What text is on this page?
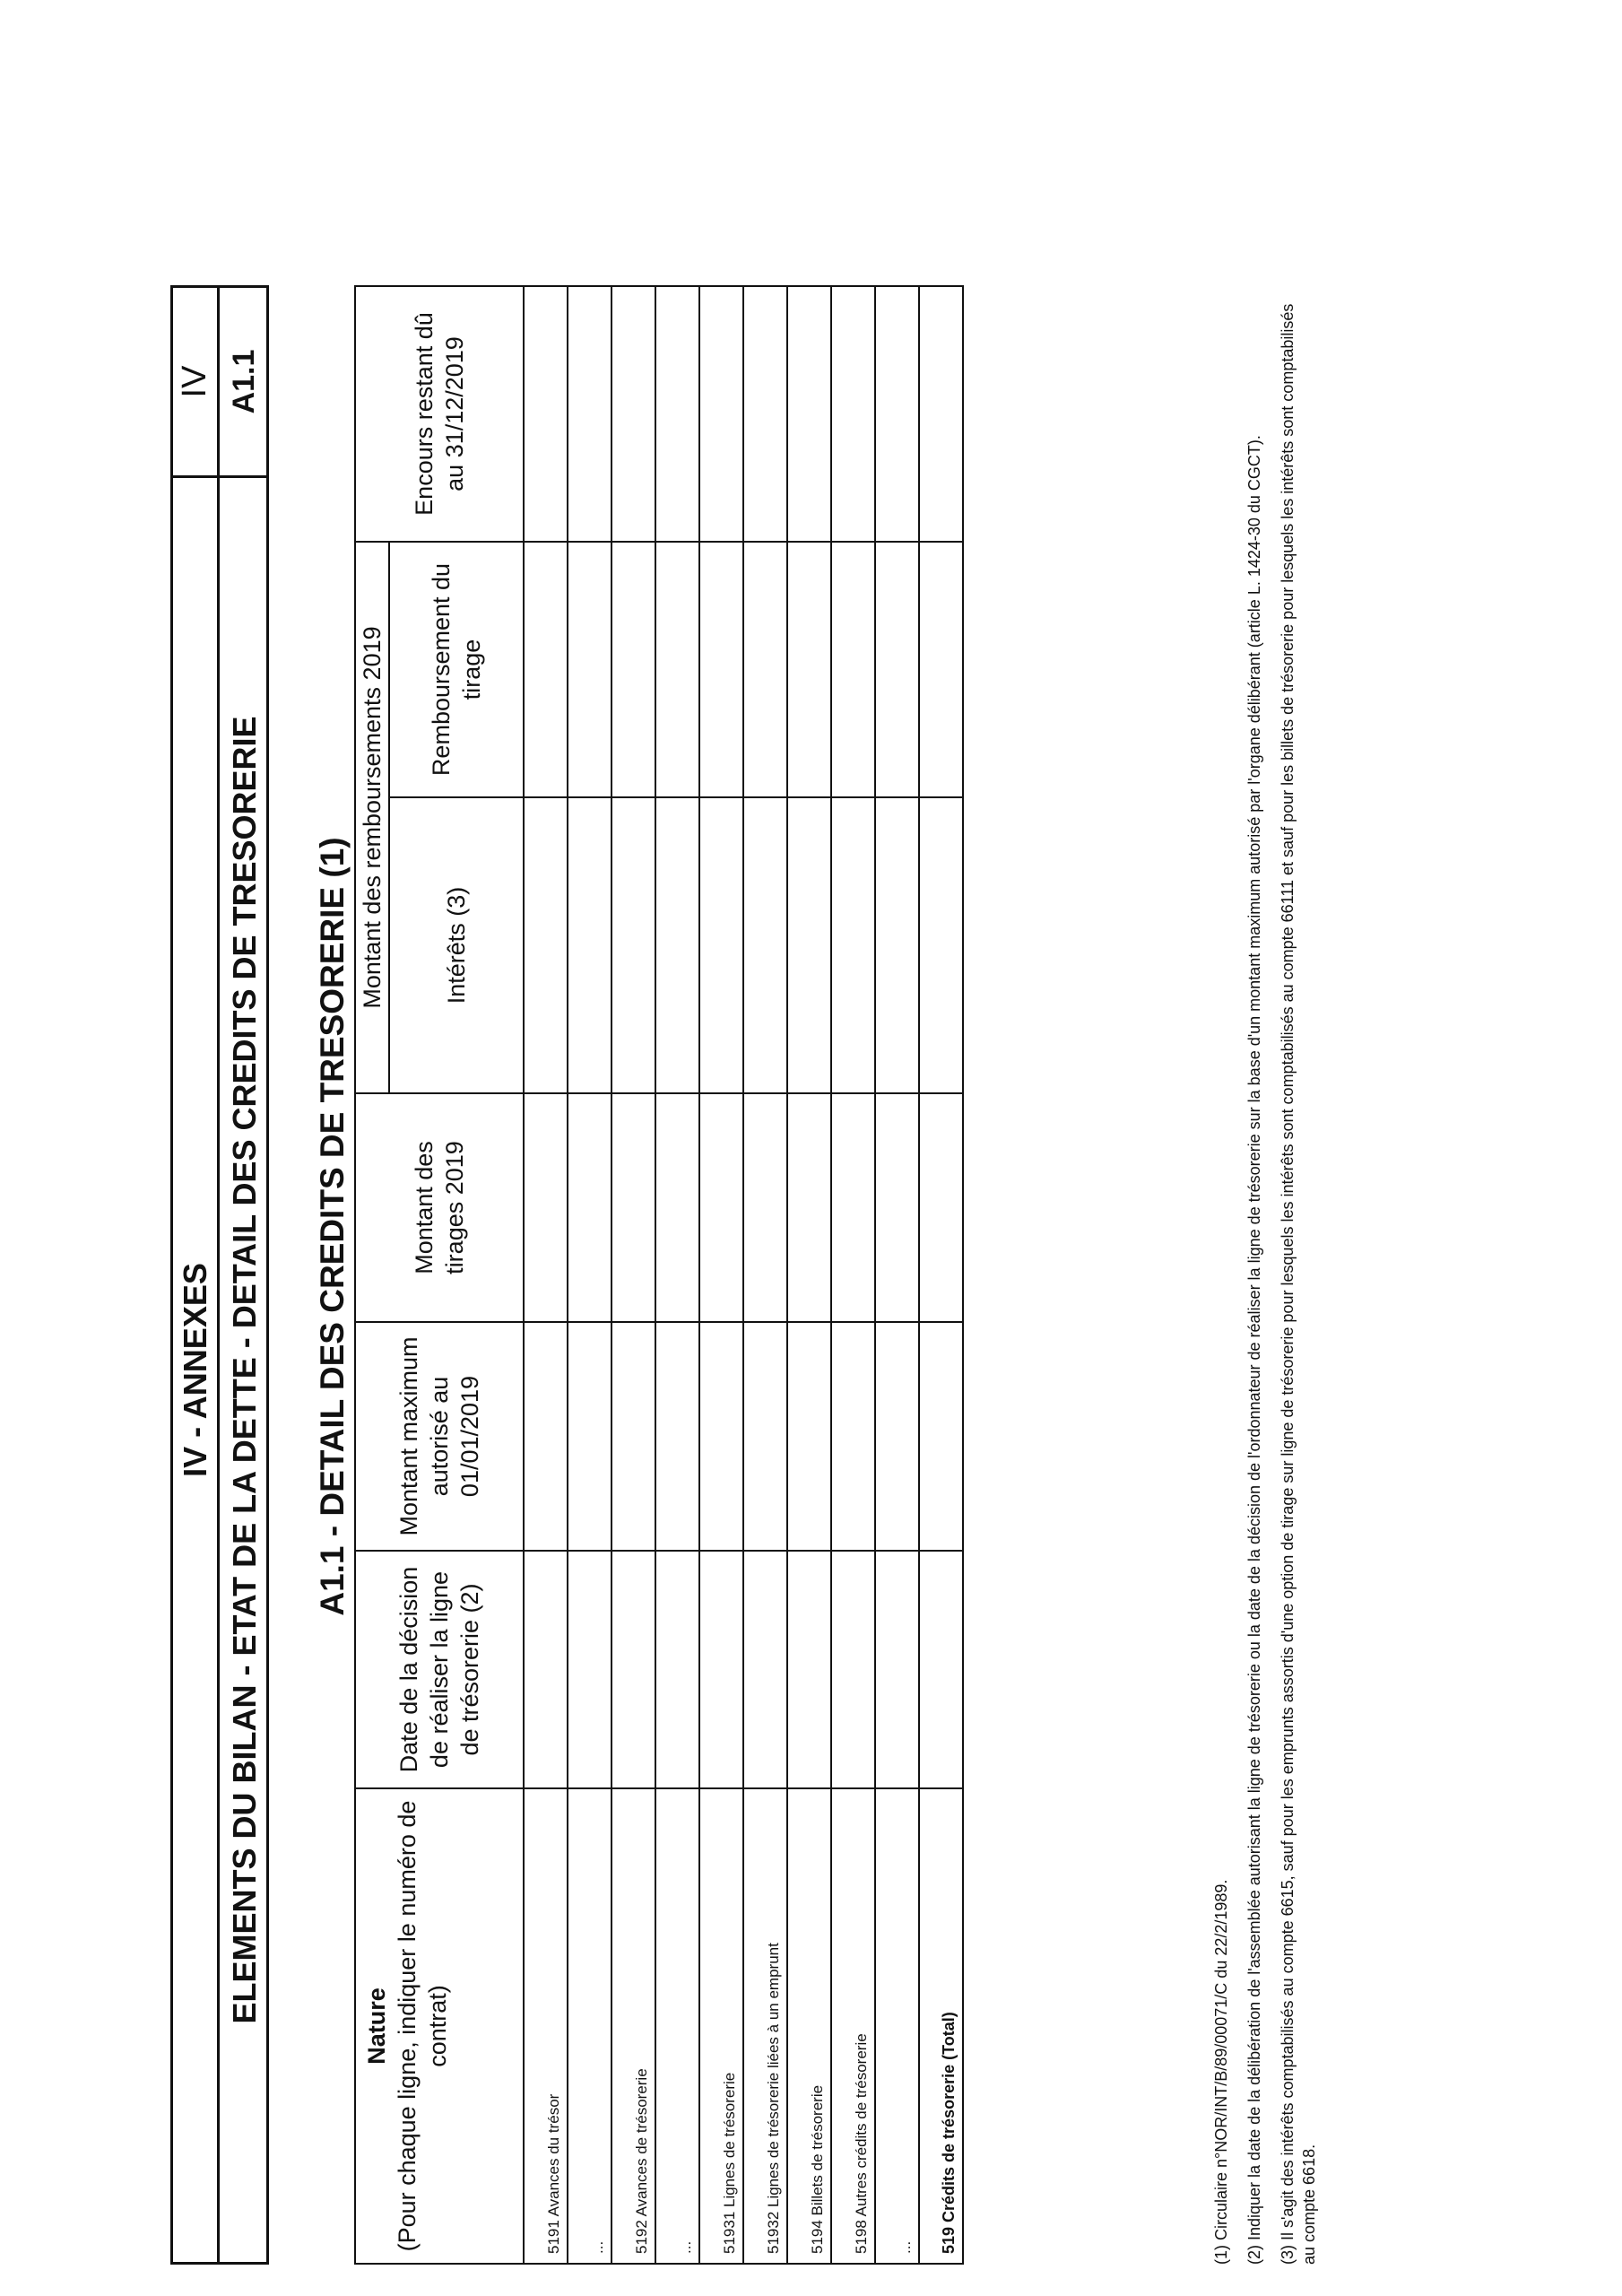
IV - ANNEXES ELEMENTS DU BILAN - ETAT DE LA DETTE - DETAIL DES CREDITS DE TRESORERIE
IV A1.1
A1.1 - DETAIL DES CREDITS DE TRESORERIE (1)
Nature (Pour chaque ligne, indiquer le numéro de contrat)	Date de la décision de réaliser la ligne de trésorerie (2)	Montant maximum autorisé au 01/01/2019	Montant des tirages 2019	Montant des remboursements 2019		Encours restant dû au 31/12/2019
				Intérêts (3)	Remboursement du tirage	
5191 Avances du trésor						
...						
5192 Avances de trésorerie						
...						
51931 Lignes de trésorerie						
51932 Lignes de trésorerie liées à un emprunt						
5194 Billets de trésorerie						
5198 Autres crédits de trésorerie						
...						
519 Crédits de trésorerie (Total)							(1) Circulaire n°NOR/INT/B/89/00071/C du 22/2/1989. (2) Indiquer la date de la délibération de l'assemblée autorisant la ligne de trésorerie ou la date de la décision de l'ordonnateur de réaliser la ligne de trésorerie sur la base d'un montant maximum autorisé par l'organe délibérant (article L. 1424-30 du CGCT). (3) Il s'agit des intérêts comptabilisés au compte 6615, sauf pour les emprunts assortis d'une option de tirage sur ligne de trésorerie pour lesquels les intérêts sont comptabilisés au compte 66111 et sauf pour les billets de trésorerie pour lesquels les intérêts sont comptabilisés au compte 6618.
